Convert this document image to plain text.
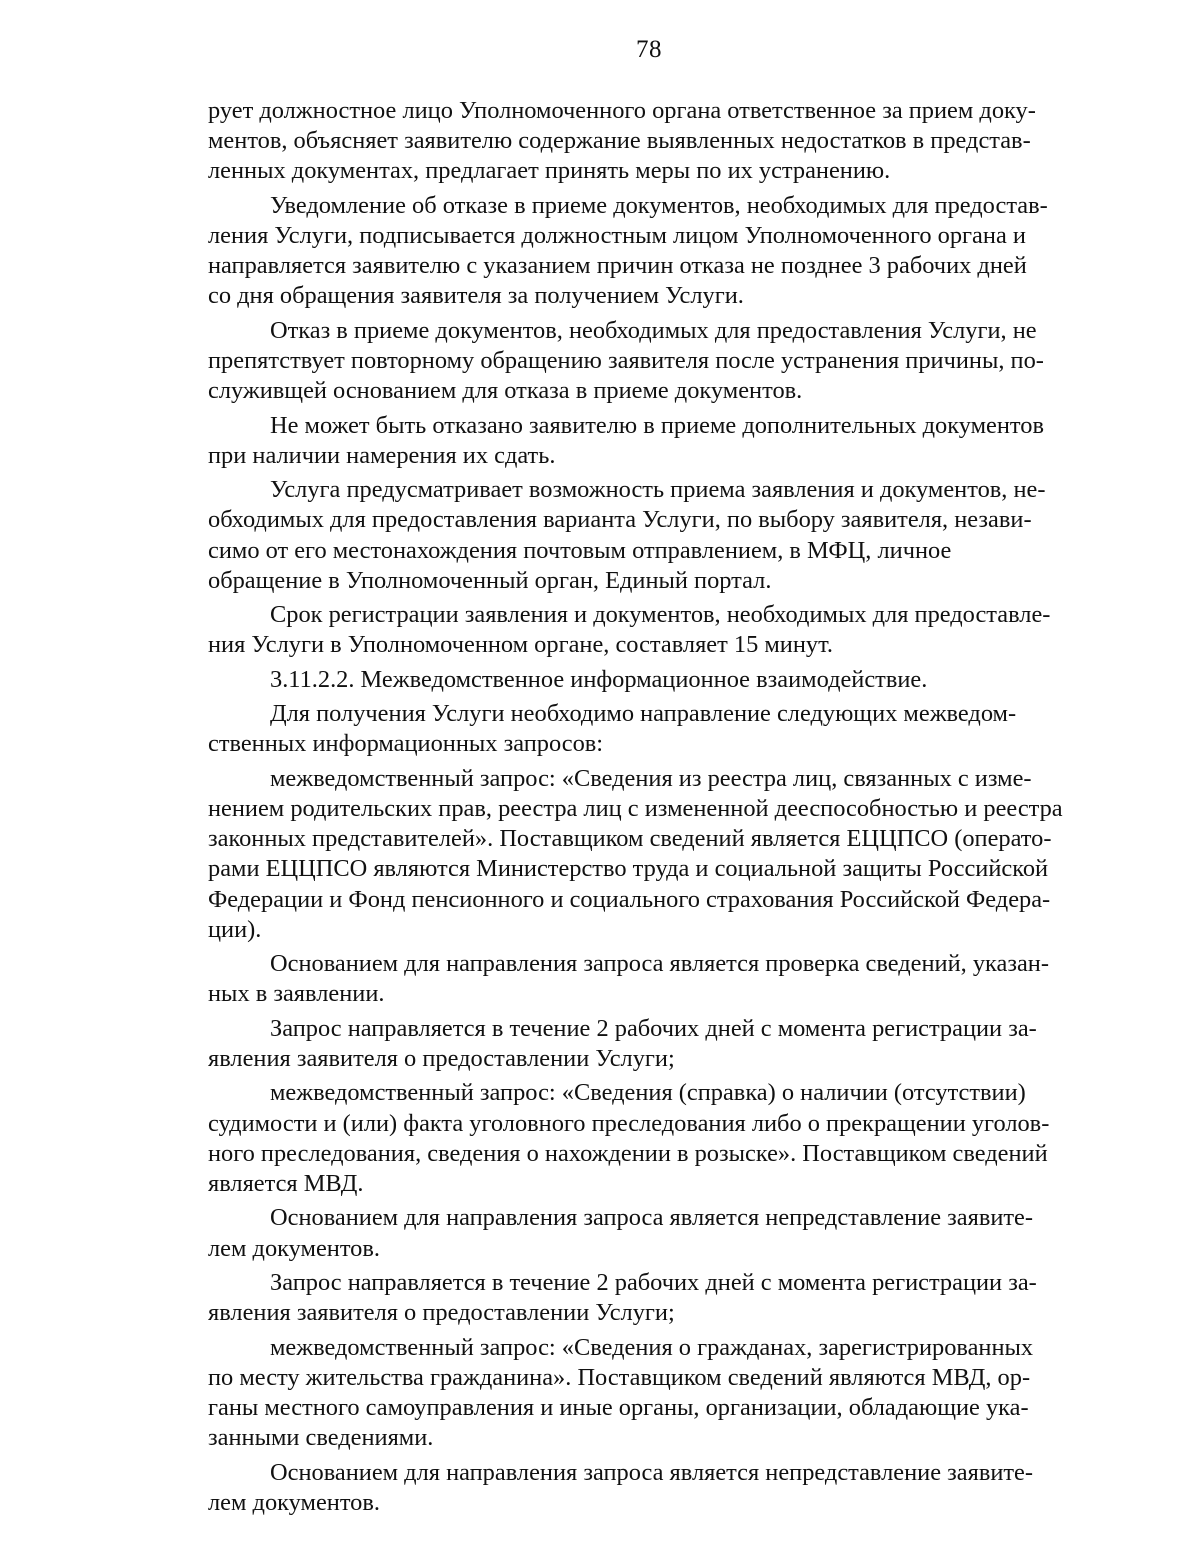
78

рует должностное лицо Уполномоченного органа ответственное за прием доку-
ментов, объясняет заявителю содержание выявленных недостатков в представ-
ленных документах, предлагает принять меры по их устранению.

Уведомление об отказе в приеме документов, необходимых для предостав-
ления Услуги, подписывается должностным лицом Уполномоченного органа и
направляется заявителю с указанием причин отказа не позднее 3 рабочих дней
со дня обращения заявителя за получением Услуги.

Отказ в приеме документов, необходимых для предоставления Услуги, не
препятствует повторному обращению заявителя после устранения причины, по-
служивщей основанием для отказа в приеме документов.

Не может быть отказано заявителю в приеме дополнительных документов
при наличии намерения их сдать.

Услуга предусматривает возможность приема заявления и документов, не-
обходимых для предоставления варианта Услуги, по выбору заявителя, незави-
симо от его местонахождения почтовым отправлением, в МФЦ, личное
обращение в Уполномоченный орган, Единый портал.

Срок регистрации заявления и документов, необходимых для предоставле-
ния Услуги в Уполномоченном органе, составляет 15 минут.

3.11.2.2. Межведомственное информационное взаимодействие.

Для получения Услуги необходимо направление следующих межведом-
ственных информационных запросов:

межведомственный запрос: «Сведения из реестра лиц, связанных с изме-
нением родительских прав, реестра лиц с измененной дееспособностью и реестра
законных представителей». Поставщиком сведений является ЕЦЦПСО (операто-
рами ЕЦЦПСО являются Министерство труда и социальной защиты Российской
Федерации и Фонд пенсионного и социального страхования Российской Федера-
ции).

Основанием для направления запроса является проверка сведений, указан-
ных в заявлении.

Запрос направляется в течение 2 рабочих дней с момента регистрации за-
явления заявителя о предоставлении Услуги;

межведомственный запрос: «Сведения (справка) о наличии (отсутствии)
судимости и (или) факта уголовного преследования либо о прекращении уголов-
ного преследования, сведения о нахождении в розыске». Поставщиком сведений
является МВД.

Основанием для направления запроса является непредставление заявите-
лем документов.

Запрос направляется в течение 2 рабочих дней с момента регистрации за-
явления заявителя о предоставлении Услуги;

межведомственный запрос: «Сведения о гражданах, зарегистрированных
по месту жительства гражданина». Поставщиком сведений являются МВД, ор-
ганы местного самоуправления и иные органы, организации, обладающие ука-
занными сведениями.

Основанием для направления запроса является непредставление заявите-
лем документов.
